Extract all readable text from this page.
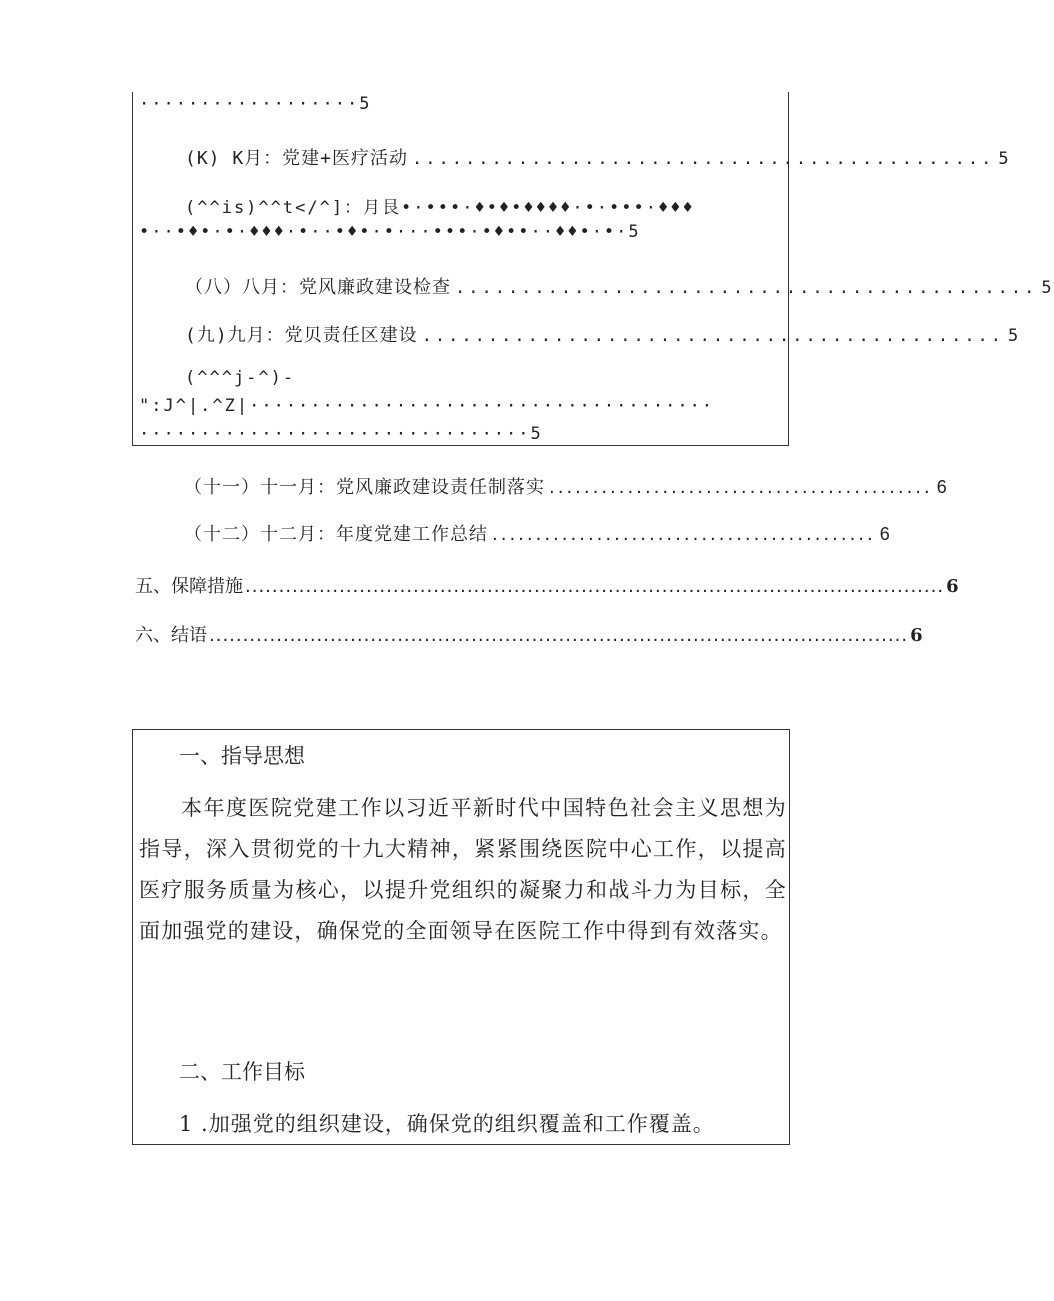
··················5
(K) K月：党建+医疗活动 ............................................ 5
(^^is)^^t</^]：月艮•·•••·♦•♦•♦♦♦♦·•·•••·♦♦♦
•··•♦•·•·♦♦♦·•··•♦•·•···•••·•♦••··♦♦•·•·5
（八）八月：党风廉政建设检查 ............................................ 5
(九)九月：党贝责任区建设 ............................................ 5
(^^^j-^)-
":J^|.^Z|······································
································5
（十一）十一月：党风廉政建设责任制落实 ............................................ 6
（十二）十二月：年度党建工作总结 ............................................ 6
五、保障措施 ........................................................................................................ 6
六、结语 ........................................................................................................ 6
一、指导思想

本年度医院党建工作以习近平新时代中国特色社会主义思想为指导，深入贯彻党的十九大精神，紧紧围绕医院中心工作，以提高医疗服务质量为核心，以提升党组织的凝聚力和战斗力为目标，全面加强党的建设，确保党的全面领导在医院工作中得到有效落实。

二、工作目标
1 .加强党的组织建设，确保党的组织覆盖和工作覆盖。
